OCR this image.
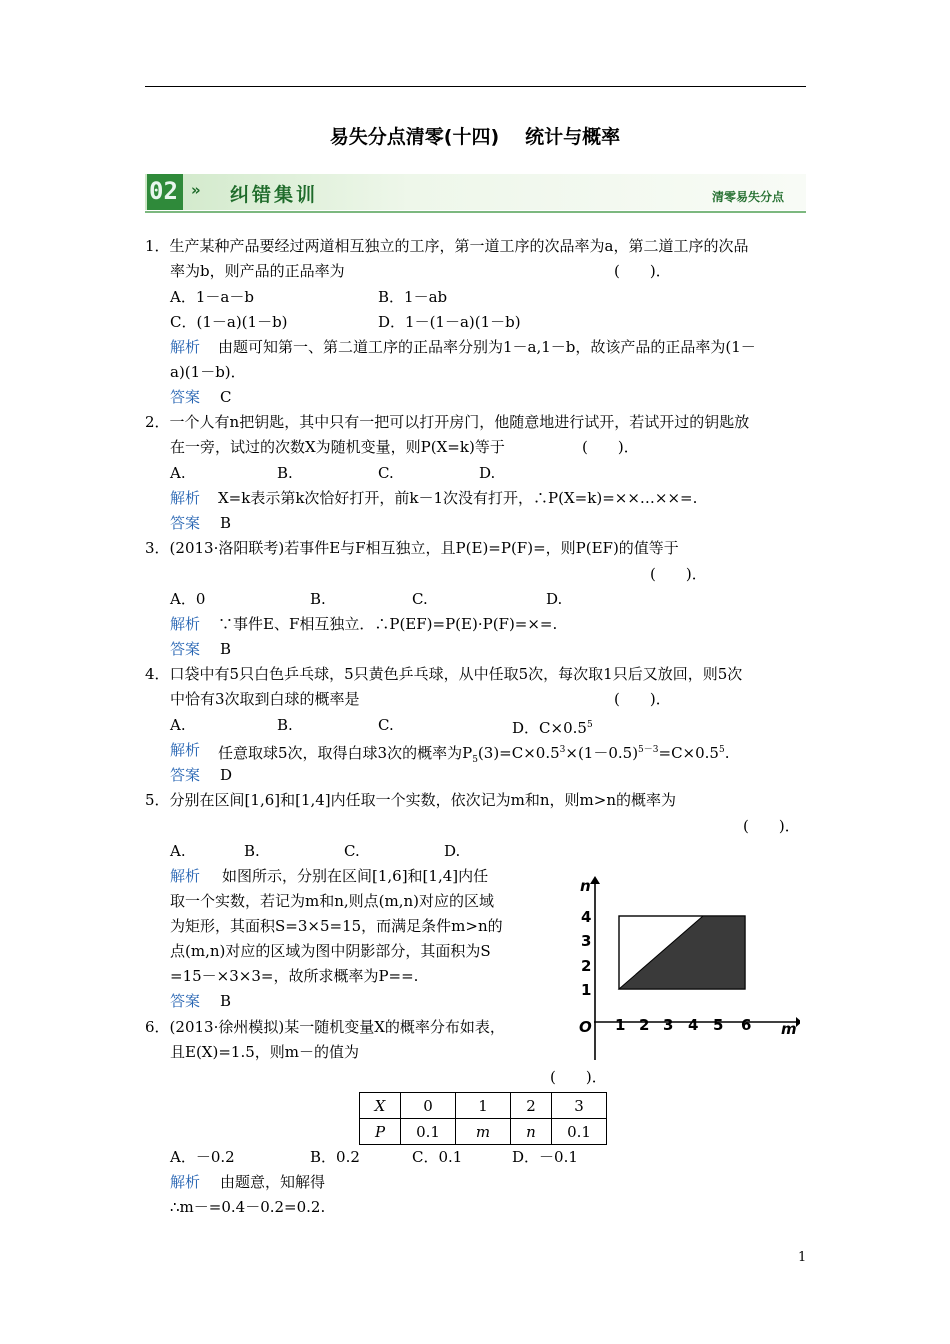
易失分点清零(十四) 统计与概率
02 » 纠错集训	清零易失分点
1．生产某种产品要经过两道相互独立的工序，第一道工序的次品率为a，第二道工序的次品
率为b，则产品的正品率为	(　　)．
A．1－a－b	B．1－ab
C．(1－a)(1－b)	D．1－(1－a)(1－b)
解析 由题可知第一、第二道工序的正品率分别为1－a,1－b，故该产品的正品率为(1－
a)(1－b)．
答案 C
2．一个人有n把钥匙，其中只有一把可以打开房门，他随意地进行试开，若试开过的钥匙放
在一旁，试过的次数X为随机变量，则P(X=k)等于	(　　)．
A.	B.	C.	D.
解析 X=k表示第k次恰好打开，前k－1次没有打开，∴P(X=k)=××…××=.
答案 B
3．(2013·洛阳联考)若事件E与F相互独立，且P(E)=P(F)=，则P(EF)的值等于
(　　)．
A．0	B.	C.	D.
解析 ∵事件E、F相互独立．∴P(EF)=P(E)·P(F)=×=.
答案 B
4．口袋中有5只白色乒乓球，5只黄色乒乓球，从中任取5次，每次取1只后又放回，则5次
中恰有3次取到白球的概率是	(　　)．
A.	B.	C.	D．$C\times 0.5^5$
解析 任意取球5次，取得白球3次的概率为$P_5(3)=C\times 0.5^3\times(1-0.5)^{5-3}=C\times 0.5^5$.
答案 D
5．分别在区间[1,6]和[1,4]内任取一个实数，依次记为m和n，则m>n的概率为
(　　)．
A.	B.	C.	D.
解析 如图所示，分别在区间[1,6]和[1,4]内任
取一个实数，若记为m和n,则点(m,n)对应的区域
为矩形，其面积S=3×5=15，而满足条件m>n的
点(m,n)对应的区域为图中阴影部分，其面积为S
=15－×3×3=，故所求概率为P==.
答案 B
1 2 3 4 5 6
1
2
3
4
O	m
n
6．(2013·徐州模拟)某一随机变量X的概率分布如表，
且E(X)=1.5，则m－的值为
(　　)．
X	0	1	2	3
P	0.1	m	n	0.1
A．－0.2	B．0.2	C．0.1	D．－0.1
解析 由题意，知解得
∴m－=0.4－0.2=0.2.
1
